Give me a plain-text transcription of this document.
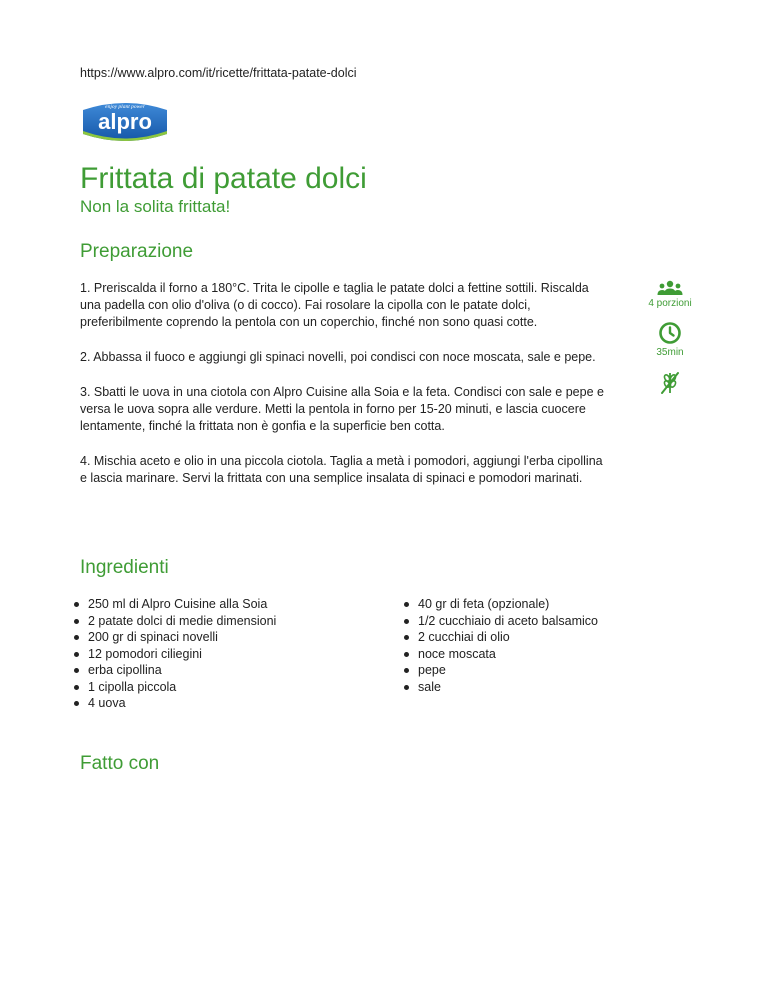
https://www.alpro.com/it/ricette/frittata-patate-dolci
enjoy plant power
alpro
Frittata di patate dolci
Non la solita frittata!
Preparazione

1. Preriscalda il forno a 180°C. Trita le cipolle e taglia le patate dolci a fettine sottili. Riscalda una padella con olio d'oliva (o di cocco). Fai rosolare la cipolla con le patate dolci, preferibilmente coprendo la pentola con un coperchio, finché non sono quasi cotte.

2. Abbassa il fuoco e aggiungi gli spinaci novelli, poi condisci con noce moscata, sale e pepe.

3. Sbatti le uova in una ciotola con Alpro Cuisine alla Soia e la feta. Condisci con sale e pepe e versa le uova sopra alle verdure. Metti la pentola in forno per 15-20 minuti, e lascia cuocere lentamente, finché la frittata non è gonfia e la superficie ben cotta.

4. Mischia aceto e olio in una piccola ciotola. Taglia a metà i pomodori, aggiungi l'erba cipollina e lascia marinare. Servi la frittata con una semplice insalata di spinaci e pomodori marinati.

4 porzioni
35min
Ingredienti
250 ml di Alpro Cuisine alla Soia
2 patate dolci di medie dimensioni
200 gr di spinaci novelli
12 pomodori ciliegini
erba cipollina
1 cipolla piccola
4 uova
40 gr di feta (opzionale)
1/2 cucchiaio di aceto balsamico
2 cucchiai di olio
noce moscata
pepe
sale
Fatto con
